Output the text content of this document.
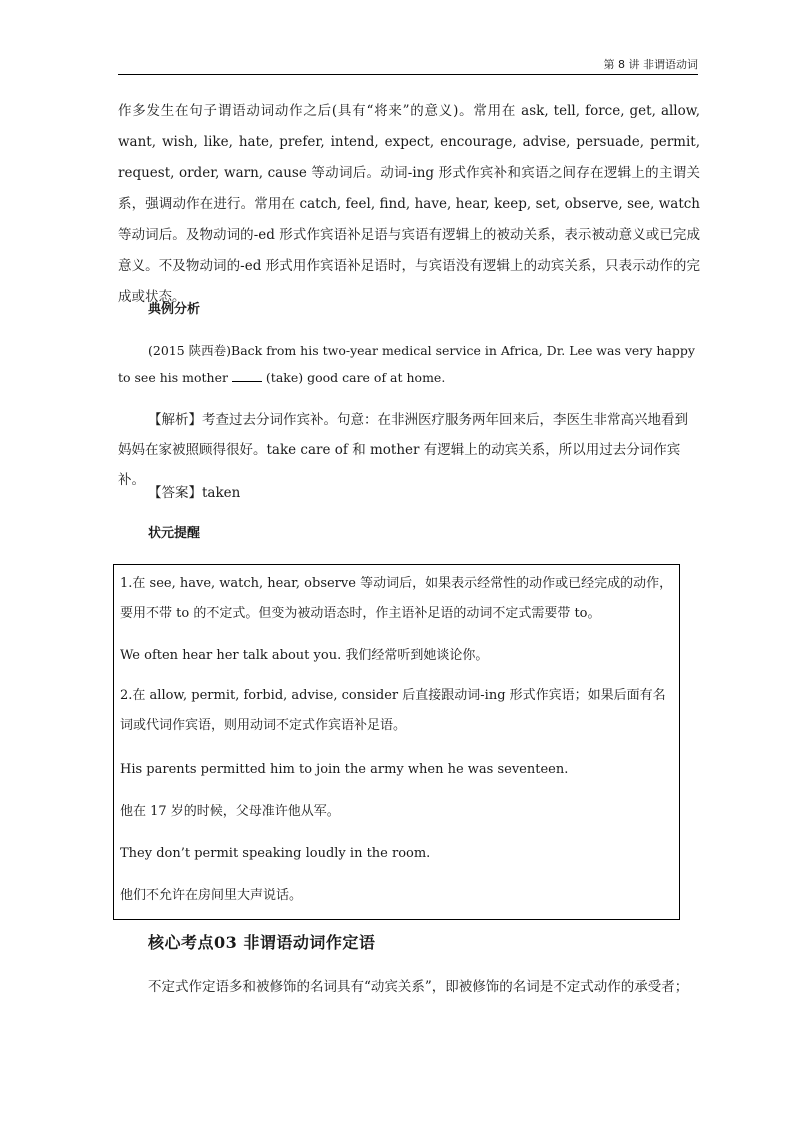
第 8 讲 非谓语动词
作多发生在句子谓语动词动作之后(具有“将来”的意义)。常用在 ask, tell, force, get, allow, want, wish, like, hate, prefer, intend, expect, encourage, advise, persuade, permit, request, order, warn, cause 等动词后。动词-ing 形式作宾补和宾语之间存在逻辑上的主谓关系，强调动作在进行。常用在 catch, feel, find, have, hear, keep, set, observe, see, watch 等动词后。及物动词的-ed 形式作宾语补足语与宾语有逻辑上的被动关系，表示被动意义或已完成意义。不及物动词的-ed 形式用作宾语补足语时，与宾语没有逻辑上的动宾关系，只表示动作的完成或状态。
典例分析
(2015 陕西卷)Back from his two-year medical service in Africa, Dr. Lee was very happy to see his mother  (take) good care of at home.
【解析】考查过去分词作宾补。句意：在非洲医疗服务两年回来后，李医生非常高兴地看到妈妈在家被照顾得很好。take care of 和 mother 有逻辑上的动宾关系，所以用过去分词作宾补。
【答案】taken
状元提醒
1.在 see, have, watch, hear, observe 等动词后，如果表示经常性的动作或已经完成的动作，要用不带 to 的不定式。但变为被动语态时，作主语补足语的动词不定式需要带 to。
We often hear her talk about you. 我们经常听到她谈论你。
2.在 allow, permit, forbid, advise, consider 后直接跟动词-ing 形式作宾语；如果后面有名词或代词作宾语，则用动词不定式作宾语补足语。
His parents permitted him to join the army when he was seventeen.
他在 17 岁的时候，父母准许他从军。
They don’t permit speaking loudly in the room.
他们不允许在房间里大声说话。
核心考点03 非谓语动词作定语
不定式作定语多和被修饰的名词具有“动宾关系”，即被修饰的名词是不定式动作的承受者；
